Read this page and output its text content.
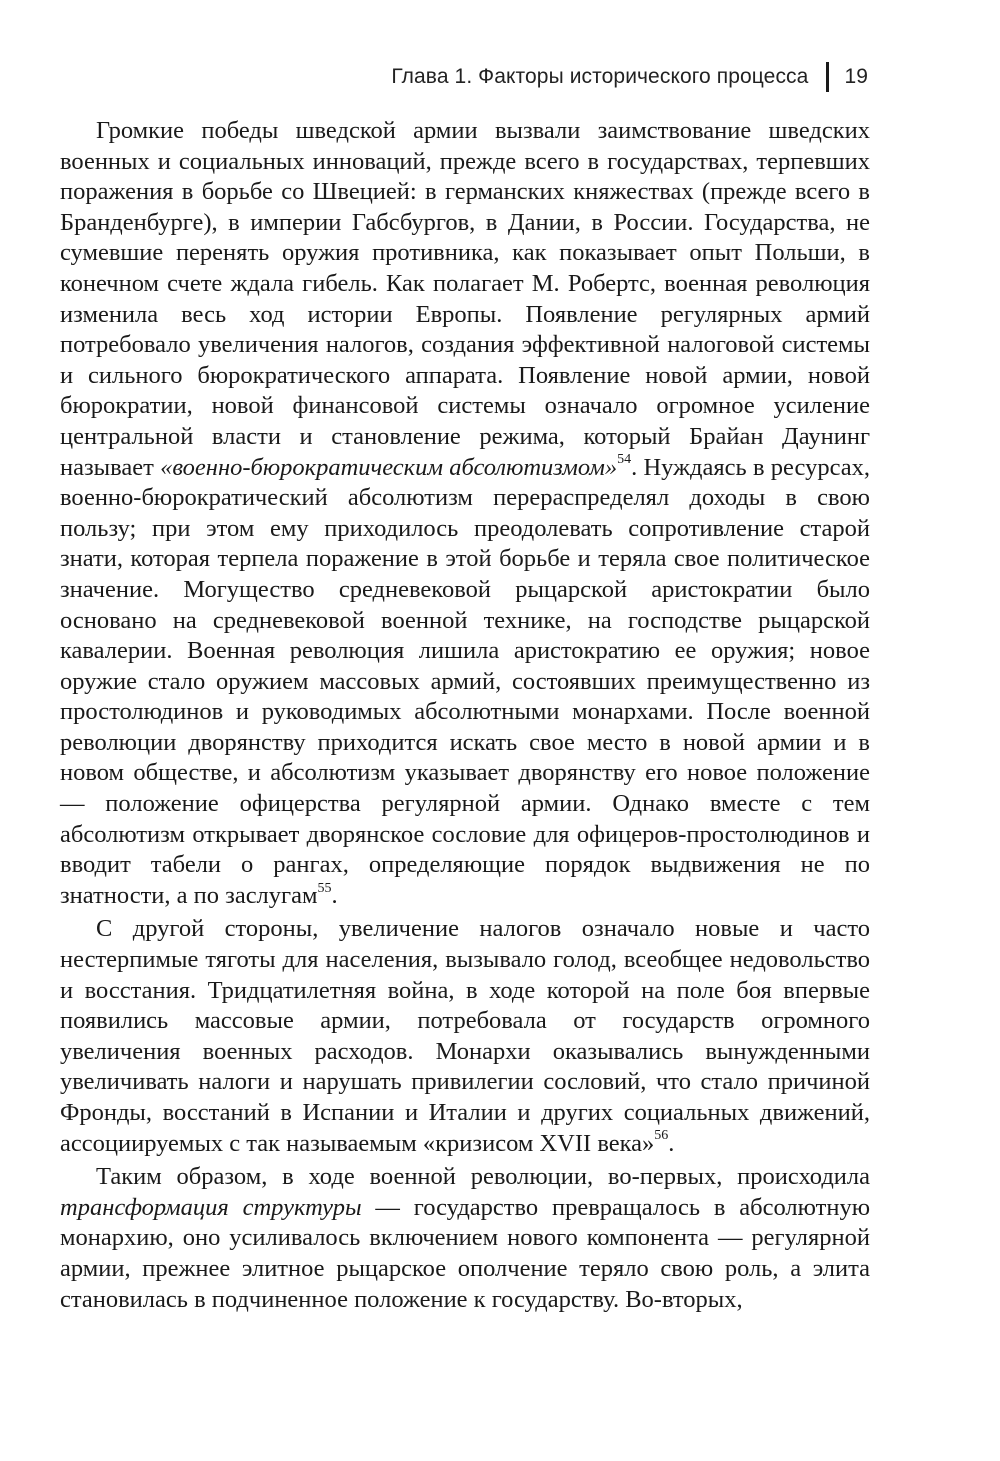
Глава 1. Факторы исторического процесса 19

Громкие победы шведской армии вызвали заимствование шведских военных и социальных инноваций, прежде всего в государствах, терпевших поражения в борьбе со Швецией: в германских княжествах (прежде всего в Бранденбурге), в империи Габсбургов, в Дании, в России. Государства, не сумевшие перенять оружия противника, как показывает опыт Польши, в конечном счете ждала гибель. Как полагает М. Робертс, военная революция изменила весь ход истории Европы. Появление регулярных армий потребовало увеличения налогов, создания эффективной налоговой системы и сильного бюрократического аппарата. Появление новой армии, новой бюрократии, новой финансовой системы означало огромное усиление центральной власти и становление режима, который Брайан Даунинг называет «военно-бюрократическим абсолютизмом»$^{54}$. Нуждаясь в ресурсах, военно-бюрократический абсолютизм перераспределял доходы в свою пользу; при этом ему приходилось преодолевать сопротивление старой знати, которая терпела поражение в этой борьбе и теряла свое политическое значение. Могущество средневековой рыцарской аристократии было основано на средневековой военной технике, на господстве рыцарской кавалерии. Военная революция лишила аристократию ее оружия; новое оружие стало оружием массовых армий, состоявших преимущественно из простолюдинов и руководимых абсолютными монархами. После военной революции дворянству приходится искать свое место в новой армии и в новом обществе, и абсолютизм указывает дворянству его новое положение — положение офицерства регулярной армии. Однако вместе с тем абсолютизм открывает дворянское сословие для офицеров-простолюдинов и вводит табели о рангах, определяющие порядок выдвижения не по знатности, а по заслугам$^{55}$.

С другой стороны, увеличение налогов означало новые и часто нестерпимые тяготы для населения, вызывало голод, всеобщее недовольство и восстания. Тридцатилетняя война, в ходе которой на поле боя впервые появились массовые армии, потребовала от государств огромного увеличения военных расходов. Монархи оказывались вынужденными увеличивать налоги и нарушать привилегии сословий, что стало причиной Фронды, восстаний в Испании и Италии и других социальных движений, ассоциируемых с так называемым «кризисом XVII века»$^{56}$.

Таким образом, в ходе военной революции, во-первых, происходила трансформация структуры — государство превращалось в абсолютную монархию, оно усиливалось включением нового компонента — регулярной армии, прежнее элитное рыцарское ополчение теряло свою роль, а элита становилась в подчиненное положение к государству. Во-вторых,
